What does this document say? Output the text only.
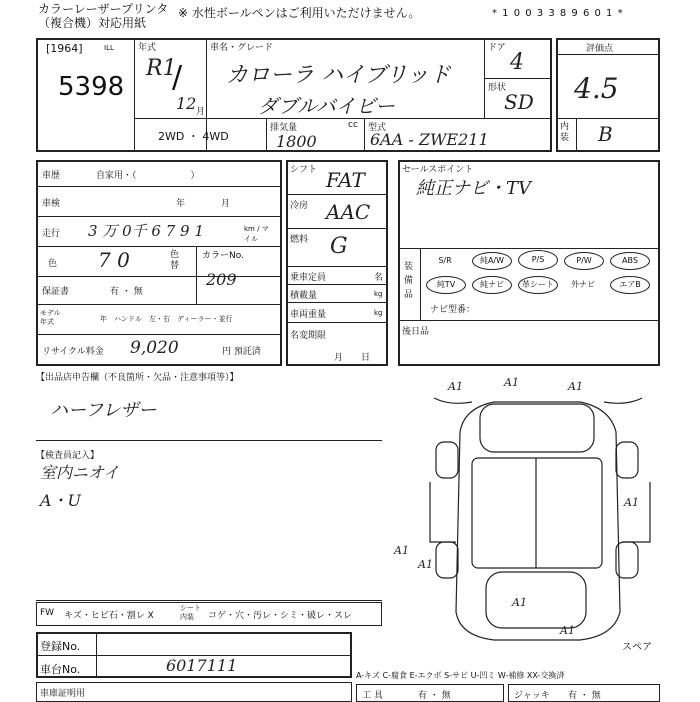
カラーレーザープリンタ
（複合機）対応用紙
※ 水性ボールペンはご利用いただけません。	* 1 0 0 3 3 8 9 6 0 1 *
[1964]	ILL
5398
年式
R1
/
12 月
車名・グレード
カローラ ハイブリッド
ダブルバイビー
ドア
4
形状
SD
2WD ・ 4WD
排気量	cc
1800
型式
6AA - ZWE211
評価点
4.5
内装 B
車歴	自家用・（　　　　　　）
車検	年　　　　月
走行 3 万 0千 6 7 9 1	km / マイル
色 7 0	色替
カラーNo.
209
保証書	有 ・ 無
モデル年式	年　ハンドル　左・右　ディーラー・並行
リサイクル料金 9,020	円 預託済
シフト FAT
冷房 AAC
燃料 G
乗車定員	名
積載量	kg
車両重量	kg
名変期限
月　　日
セールスポイント
純正ナビ・TV
装備品
S/R	純A/W	P/S	P/W	ABS
純TV	純ナビ	革シート	外ナビ	エアB
ナビ型番：
後日品
【出品店申告欄（不良箇所・欠品・注意事項等）】
ハーフレザー
【検査員記入】
室内ニオイ
A・U
A1	A1	A1
A1
A1
A1
A1
A1
スペア
FW キズ・ヒビ石・割レ X
シート内装	コゲ・穴・汚レ・シミ・破レ・スレ
登録No.
車台No.	6017111
車庫証明用
A-キズ C-腐食 E-エクボ S-サビ U-凹ミ W-補修 XX-交換済
工 具	有 ・ 無	ジャッキ 有 ・ 無
